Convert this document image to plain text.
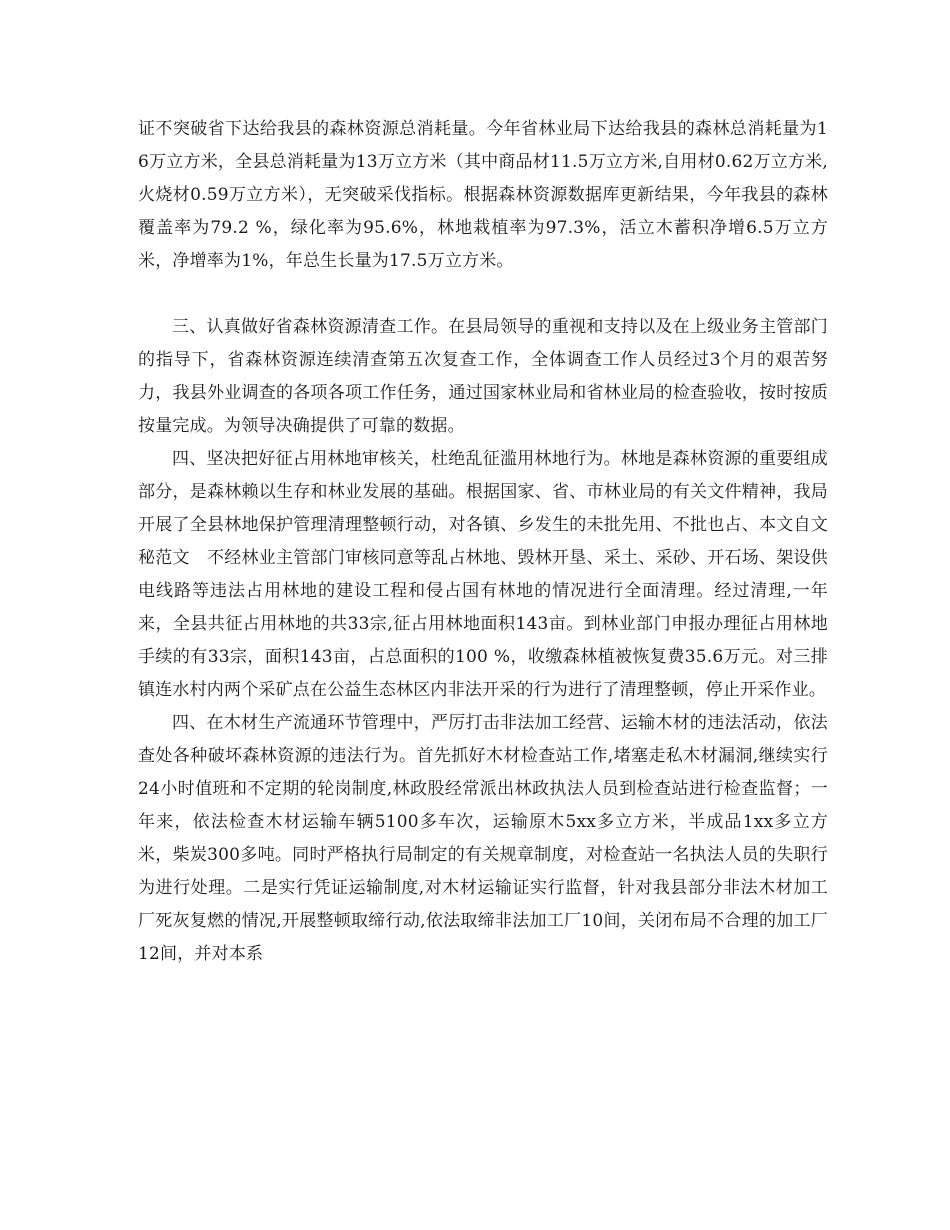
证不突破省下达给我县的森林资源总消耗量。今年省林业局下达给我县的森林总消耗量为16万立方米，全县总消耗量为13万立方米（其中商品材11.5万立方米,自用材0.62万立方米,火烧材0.59万立方米），无突破采伐指标。根据森林资源数据库更新结果，今年我县的森林覆盖率为79.2 %，绿化率为95.6%，林地栽植率为97.3%，活立木蓄积净增6.5万立方米，净增率为1%，年总生长量为17.5万立方米。

三、认真做好省森林资源清查工作。在县局领导的重视和支持以及在上级业务主管部门的指导下，省森林资源连续清查第五次复查工作，全体调查工作人员经过3个月的艰苦努力，我县外业调查的各项各项工作任务，通过国家林业局和省林业局的检查验收，按时按质按量完成。为领导决确提供了可靠的数据。

四、坚决把好征占用林地审核关，杜绝乱征滥用林地行为。林地是森林资源的重要组成部分，是森林赖以生存和林业发展的基础。根据国家、省、市林业局的有关文件精神，我局开展了全县林地保护管理清理整顿行动，对各镇、乡发生的未批先用、不批也占、本文自文秘范文　不经林业主管部门审核同意等乱占林地、毁林开垦、采土、采砂、开石场、架设供电线路等违法占用林地的建设工程和侵占国有林地的情况进行全面清理。经过清理,一年来，全县共征占用林地的共33宗,征占用林地面积143亩。到林业部门申报办理征占用林地手续的有33宗，面积143亩，占总面积的100 %，收缴森林植被恢复费35.6万元。对三排镇连水村内两个采矿点在公益生态林区内非法开采的行为进行了清理整顿，停止开采作业。

四、在木材生产流通环节管理中，严厉打击非法加工经营、运输木材的违法活动，依法查处各种破坏森林资源的违法行为。首先抓好木材检查站工作,堵塞走私木材漏洞,继续实行24小时值班和不定期的轮岗制度,林政股经常派出林政执法人员到检查站进行检查监督；一年来，依法检查木材运输车辆5100多车次，运输原木5xx多立方米，半成品1xx多立方米，柴炭300多吨。同时严格执行局制定的有关规章制度，对检查站一名执法人员的失职行为进行处理。二是实行凭证运输制度,对木材运输证实行监督，针对我县部分非法木材加工厂死灰复燃的情况,开展整顿取缔行动,依法取缔非法加工厂10间，关闭布局不合理的加工厂12间，并对本系
